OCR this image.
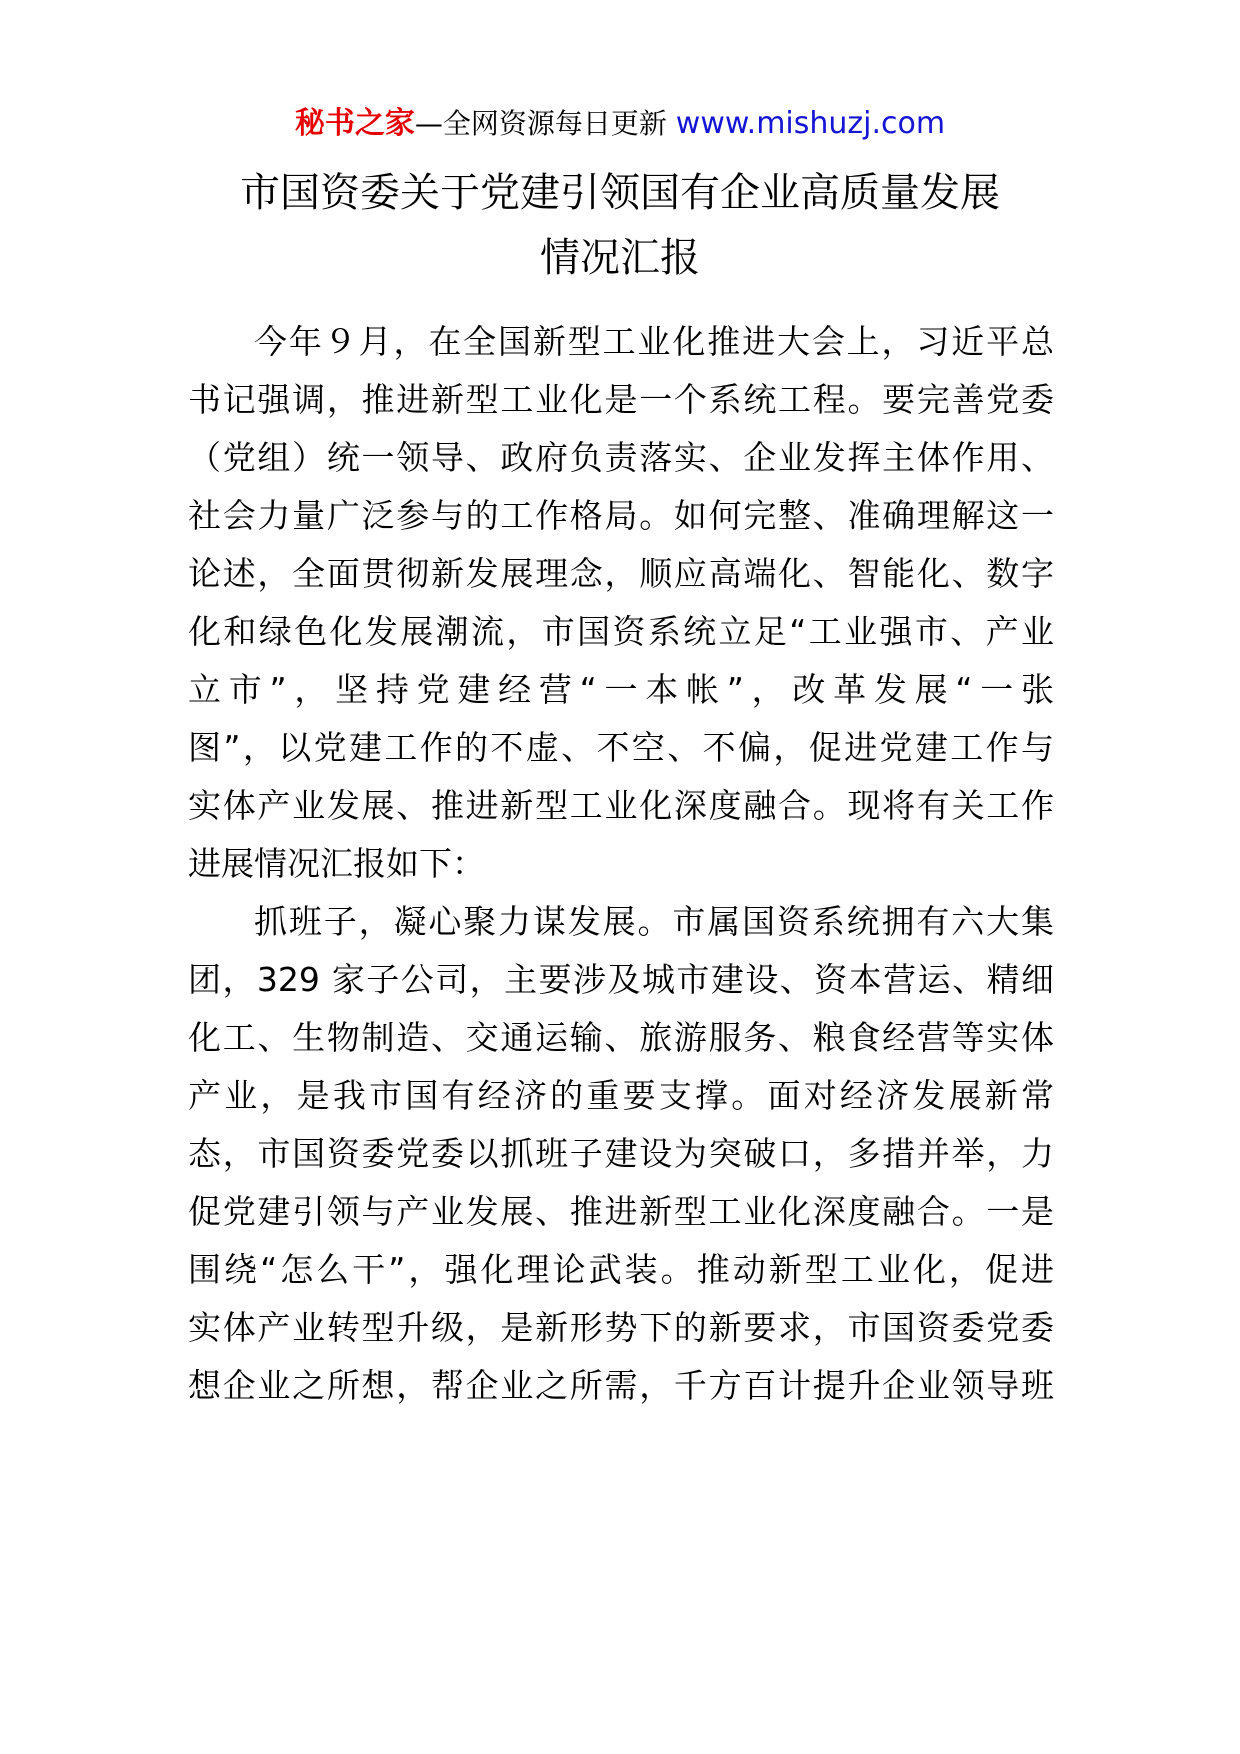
秘书之家—全网资源每日更新 www.mishuzj.com
市国资委关于党建引领国有企业高质量发展
情况汇报
今年９月，在全国新型工业化推进大会上，习近平总
书记强调，推进新型工业化是一个系统工程。要完善党委
（党组）统一领导、政府负责落实、企业发挥主体作用、
社会力量广泛参与的工作格局。如何完整、准确理解这一
论述，全面贯彻新发展理念，顺应高端化、智能化、数字
化和绿色化发展潮流，市国资系统立足“工业强市、产业
立市”，坚持党建经营“一本帐”，改革发展“一张
图”，以党建工作的不虚、不空、不偏，促进党建工作与
实体产业发展、推进新型工业化深度融合。现将有关工作
进展情况汇报如下：
抓班子，凝心聚力谋发展。市属国资系统拥有六大集
团，329 家子公司，主要涉及城市建设、资本营运、精细
化工、生物制造、交通运输、旅游服务、粮食经营等实体
产业，是我市国有经济的重要支撑。面对经济发展新常
态，市国资委党委以抓班子建设为突破口，多措并举，力
促党建引领与产业发展、推进新型工业化深度融合。一是
围绕“怎么干”，强化理论武装。推动新型工业化，促进
实体产业转型升级，是新形势下的新要求，市国资委党委
想企业之所想，帮企业之所需，千方百计提升企业领导班
